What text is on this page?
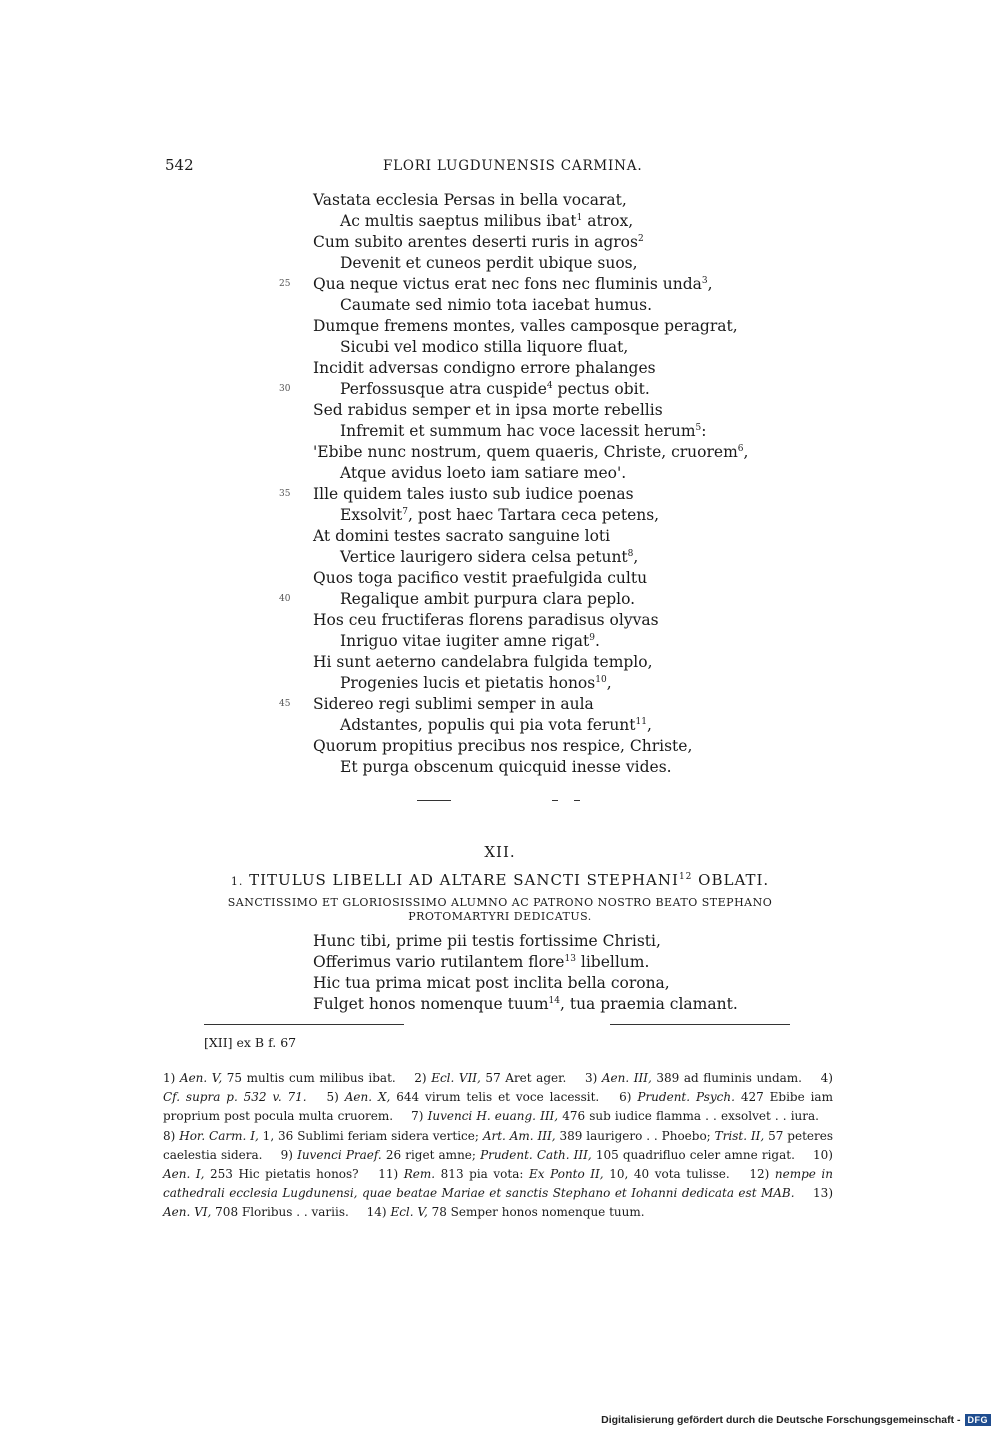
542	FLORI LUGDUNENSIS CARMINA.
Vastata ecclesia Persas in bella vocarat,
Ac multis saeptus milibus ibat$^1$ atrox,
Cum subito arentes deserti ruris in agros$^2$
Devenit et cuneos perdit ubique suos,
25 Qua neque victus erat nec fons nec fluminis unda$^3$,
Caumate sed nimio tota iacebat humus.
Dumque fremens montes, valles camposque peragrat,
Sicubi vel modico stilla liquore fluat,
Incidit adversas condigno errore phalanges
30	Perfossusque atra cuspide$^4$ pectus obit.
Sed rabidus semper et in ipsa morte rebellis
Infremit et summum hac voce lacessit herum$^5$:
'Ebibe nunc nostrum, quem quaeris, Christe, cruorem$^6$,
Atque avidus loeto iam satiare meo'.
35 Ille quidem tales iusto sub iudice poenas
Exsolvit$^7$, post haec Tartara ceca petens,
At domini testes sacrato sanguine loti
Vertice laurigero sidera celsa petunt$^8$,
Quos toga pacifico vestit praefulgida cultu
40	Regalique ambit purpura clara peplo.
Hos ceu fructiferas florens paradisus olyvas
Inriguo vitae iugiter amne rigat$^9$.
Hi sunt aeterno candelabra fulgida templo,
Progenies lucis et pietatis honos$^{10}$,
45 Sidereo regi sublimi semper in aula
Adstantes, populis qui pia vota ferunt$^{11}$,
Quorum propitius precibus nos respice, Christe,
Et purga obscenum quicquid inesse vides.
XII.
1. TITULUS LIBELLI AD ALTARE SANCTI STEPHANI$^{12}$ OBLATI.
SANCTISSIMO ET GLORIOSISSIMO ALUMNO AC PATRONO NOSTRO BEATO STEPHANO
PROTOMARTYRI DEDICATUS.
Hunc tibi, prime pii testis fortissime Christi,
Offerimus vario rutilantem flore$^{13}$ libellum.
Hic tua prima micat post inclita bella corona,
Fulget honos nomenque tuum$^{14}$, tua praemia clamant.
[XII] ex B f. 67
1) Aen. V, 75 multis cum milibus ibat. 2) Ecl. VII, 57 Aret ager. 3) Aen. III, 389 ad fluminis undam. 4) Cf. supra p. 532 v. 71. 5) Aen. X, 644 virum telis et voce lacessit. 6) Prudent. Psych. 427 Ebibe iam proprium post pocula multa cruorem. 7) Iuvenci H. euang. III, 476 sub iudice flamma . . exsolvet . . iura. 8) Hor. Carm. I, 1, 36 Sublimi feriam sidera vertice; Art. Am. III, 389 laurigero . . Phoebo; Trist. II, 57 peteres caelestia sidera. 9) Iuvenci Praef. 26 riget amne; Prudent. Cath. III, 105 quadrifluo celer amne rigat. 10) Aen. I, 253 Hic pietatis honos? 11) Rem. 813 pia vota: Ex Ponto II, 10, 40 vota tulisse. 12) nempe in cathedrali ecclesia Lugdunensi, quae beatae Mariae et sanctis Stephano et Iohanni dedicata est MAB. 13) Aen. VI, 708 Floribus . . variis. 14) Ecl. V, 78 Semper honos nomenque tuum.
Digitalisierung gefördert durch die Deutsche Forschungsgemeinschaft - DFG
